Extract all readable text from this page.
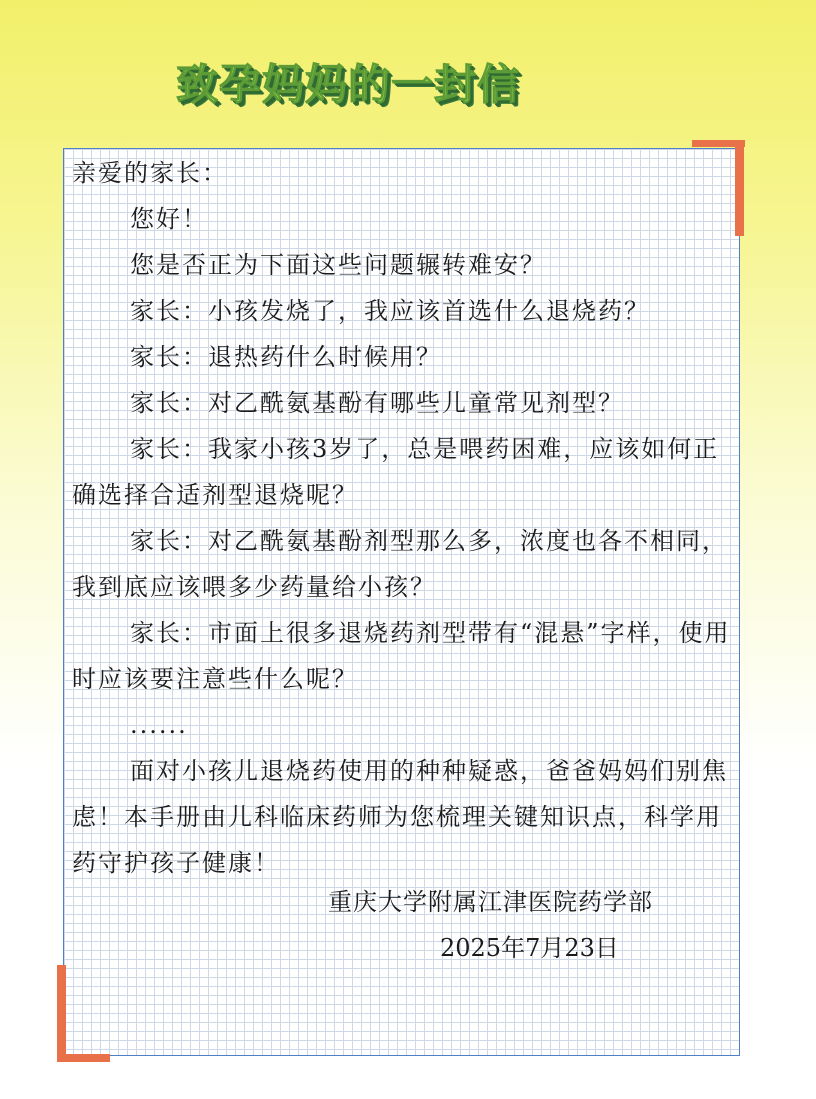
致孕妈妈的一封信

亲爱的家长：

您好！

您是否正为下面这些问题辗转难安？

家长：小孩发烧了，我应该首选什么退烧药？

家长：退热药什么时候用？

家长：对乙酰氨基酚有哪些儿童常见剂型？

家长：我家小孩3岁了，总是喂药困难，应该如何正确选择合适剂型退烧呢？

家长：对乙酰氨基酚剂型那么多，浓度也各不相同，我到底应该喂多少药量给小孩？

家长：市面上很多退烧药剂型带有“混悬”字样，使用时应该要注意些什么呢？

......

面对小孩儿退烧药使用的种种疑惑，爸爸妈妈们别焦虑！本手册由儿科临床药师为您梳理关键知识点，科学用药守护孩子健康！

重庆大学附属江津医院药学部
2025年7月23日
